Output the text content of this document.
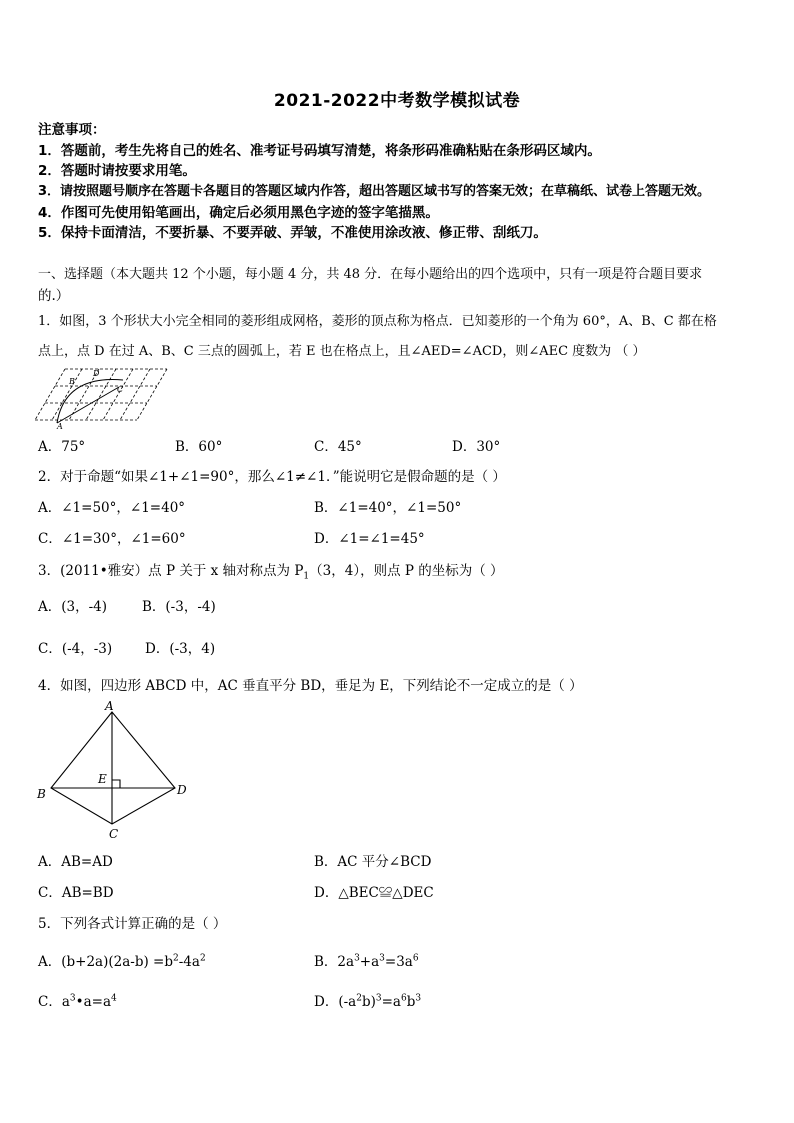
2021-2022中考数学模拟试卷
注意事项：
1．答题前，考生先将自己的姓名、准考证号码填写清楚，将条形码准确粘贴在条形码区域内。
2．答题时请按要求用笔。
3．请按照题号顺序在答题卡各题目的答题区域内作答，超出答题区域书写的答案无效；在草稿纸、试卷上答题无效。
4．作图可先使用铅笔画出，确定后必须用黑色字迹的签字笔描黑。
5．保持卡面清洁，不要折暴、不要弄破、弄皱，不准使用涂改液、修正带、刮纸刀。
一、选择题（本大题共 12 个小题，每小题 4 分，共 48 分．在每小题给出的四个选项中，只有一项是符合题目要求
的.）
1．如图，3 个形状大小完全相同的菱形组成网格，菱形的顶点称为格点．已知菱形的一个角为 60°，A、B、C 都在格
点上，点 D 在过 A、B、C 三点的圆弧上，若 E 也在格点上，且∠AED=∠ACD，则∠AEC 度数为 （ ）
A
B
D
C
A．75°	B．60°	C．45°	D．30°
2．对于命题“如果∠1+∠1=90°，那么∠1≠∠1．”能说明它是假命题的是（ ）
A．∠1=50°，∠1=40°	B．∠1=40°，∠1=50°
C．∠1=30°，∠1=60°	D．∠1=∠1=45°
3．(2011•雅安）点 P 关于 x 轴对称点为 $P_1(3$，4），则点 P 的坐标为（ ）
A．(3，-4)	B．(-3，-4)
C．(-4，-3) D．(-3，4)
4．如图，四边形 ABCD 中，AC 垂直平分 BD，垂足为 E，下列结论不一定成立的是（ ）
A
B
C
D
E
A．AB=AD	B．AC 平分∠BCD
C．AB=BD	D．△BEC≌△DEC
5．下列各式计算正确的是（ ）
A．$(b+2a)(2a-b) =b^2-4a^2$	B．$2a^3+a^3=3a^6$
C．$a^3•a=a^4$	D．$(-a^2b)^3=a^6b^3$
